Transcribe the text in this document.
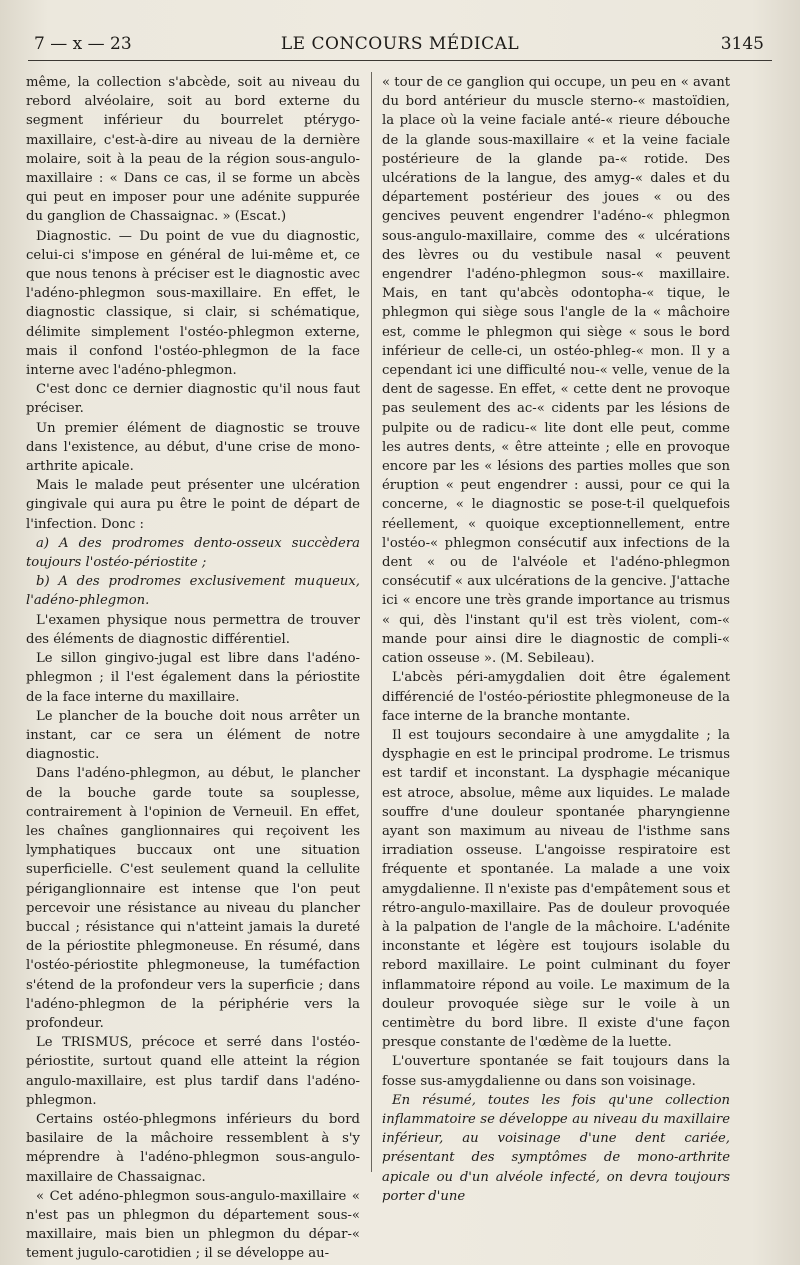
7 — x — 23	LE CONCOURS MÉDICAL	3145

même, la collection s'abcède, soit au niveau du rebord alvéolaire, soit au bord externe du segment inférieur du bourrelet ptérygo-maxillaire, c'est-à-dire au niveau de la dernière molaire, soit à la peau de la région sous-angulo-maxillaire : « Dans ce cas, il se forme un abcès qui peut en imposer pour une adénite suppurée du ganglion de Chassaignac. » (Escat.)

Diagnostic. — Du point de vue du diagnostic, celui-ci s'impose en général de lui-même et, ce que nous tenons à préciser est le diagnostic avec l'adéno-phlegmon sous-maxillaire. En effet, le diagnostic classique, si clair, si schématique, délimite simplement l'ostéo-phlegmon externe, mais il confond l'ostéo-phlegmon de la face interne avec l'adéno-phlegmon.

C'est donc ce dernier diagnostic qu'il nous faut préciser.

Un premier élément de diagnostic se trouve dans l'existence, au début, d'une crise de mono-arthrite apicale.

Mais le malade peut présenter une ulcération gingivale qui aura pu être le point de départ de l'infection. Donc :

a) A des prodromes dento-osseux succèdera toujours l'ostéo-périostite ;

b) A des prodromes exclusivement muqueux, l'adéno-phlegmon.

L'examen physique nous permettra de trouver des éléments de diagnostic différentiel.

Le sillon gingivo-jugal est libre dans l'adéno-phlegmon ; il l'est également dans la périostite de la face interne du maxillaire.

Le plancher de la bouche doit nous arrêter un instant, car ce sera un élément de notre diagnostic.

Dans l'adéno-phlegmon, au début, le plancher de la bouche garde toute sa souplesse, contrairement à l'opinion de Verneuil. En effet, les chaînes ganglionnaires qui reçoivent les lymphatiques buccaux ont une situation superficielle. C'est seulement quand la cellulite périganglionnaire est intense que l'on peut percevoir une résistance au niveau du plancher buccal ; résistance qui n'atteint jamais la dureté de la périostite phlegmoneuse. En résumé, dans l'ostéo-périostite phlegmoneuse, la tuméfaction s'étend de la profondeur vers la superficie ; dans l'adéno-phlegmon de la périphérie vers la profondeur.

Le TRISMUS, précoce et serré dans l'ostéo-périostite, surtout quand elle atteint la région angulo-maxillaire, est plus tardif dans l'adéno-phlegmon.

Certains ostéo-phlegmons inférieurs du bord basilaire de la mâchoire ressemblent à s'y méprendre à l'adéno-phlegmon sous-angulo-maxillaire de Chassaignac.

« Cet adéno-phlegmon sous-angulo-maxillaire « n'est pas un phlegmon du département sous-« maxillaire, mais bien un phlegmon du dépar-« tement jugulo-carotidien ; il se développe au-

« tour de ce ganglion qui occupe, un peu en « avant du bord antérieur du muscle sterno-« mastoïdien, la place où la veine faciale anté-« rieure débouche de la glande sous-maxillaire « et la veine faciale postérieure de la glande pa-« rotide. Des ulcérations de la langue, des amyg-« dales et du département postérieur des joues « ou des gencives peuvent engendrer l'adéno-« phlegmon sous-angulo-maxillaire, comme des « ulcérations des lèvres ou du vestibule nasal « peuvent engendrer l'adéno-phlegmon sous-« maxillaire. Mais, en tant qu'abcès odontopha-« tique, le phlegmon qui siège sous l'angle de la « mâchoire est, comme le phlegmon qui siège « sous le bord inférieur de celle-ci, un ostéo-phleg-« mon. Il y a cependant ici une difficulté nou-« velle, venue de la dent de sagesse. En effet, « cette dent ne provoque pas seulement des ac-« cidents par les lésions de pulpite ou de radicu-« lite dont elle peut, comme les autres dents, « être atteinte ; elle en provoque encore par les « lésions des parties molles que son éruption « peut engendrer : aussi, pour ce qui la concerne, « le diagnostic se pose-t-il quelquefois réellement, « quoique exceptionnellement, entre l'ostéo-« phlegmon consécutif aux infections de la dent « ou de l'alvéole et l'adéno-phlegmon consécutif « aux ulcérations de la gencive. J'attache ici « encore une très grande importance au trismus « qui, dès l'instant qu'il est très violent, com-« mande pour ainsi dire le diagnostic de compli-« cation osseuse ». (M. Sebileau).

L'abcès péri-amygdalien doit être également différencié de l'ostéo-périostite phlegmoneuse de la face interne de la branche montante.

Il est toujours secondaire à une amygdalite ; la dysphagie en est le principal prodrome. Le trismus est tardif et inconstant. La dysphagie mécanique est atroce, absolue, même aux liquides. Le malade souffre d'une douleur spontanée pharyngienne ayant son maximum au niveau de l'isthme sans irradiation osseuse. L'angoisse respiratoire est fréquente et spontanée. La malade a une voix amygdalienne. Il n'existe pas d'empâtement sous et rétro-angulo-maxillaire. Pas de douleur provoquée à la palpation de l'angle de la mâchoire. L'adénite inconstante et légère est toujours isolable du rebord maxillaire. Le point culminant du foyer inflammatoire répond au voile. Le maximum de la douleur provoquée siège sur le voile à un centimètre du bord libre. Il existe d'une façon presque constante de l'œdème de la luette.

L'ouverture spontanée se fait toujours dans la fosse sus-amygdalienne ou dans son voisinage.

En résumé, toutes les fois qu'une collection inflammatoire se développe au niveau du maxillaire inférieur, au voisinage d'une dent cariée, présentant des symptômes de mono-arthrite apicale ou d'un alvéole infecté, on devra toujours porter d'une
